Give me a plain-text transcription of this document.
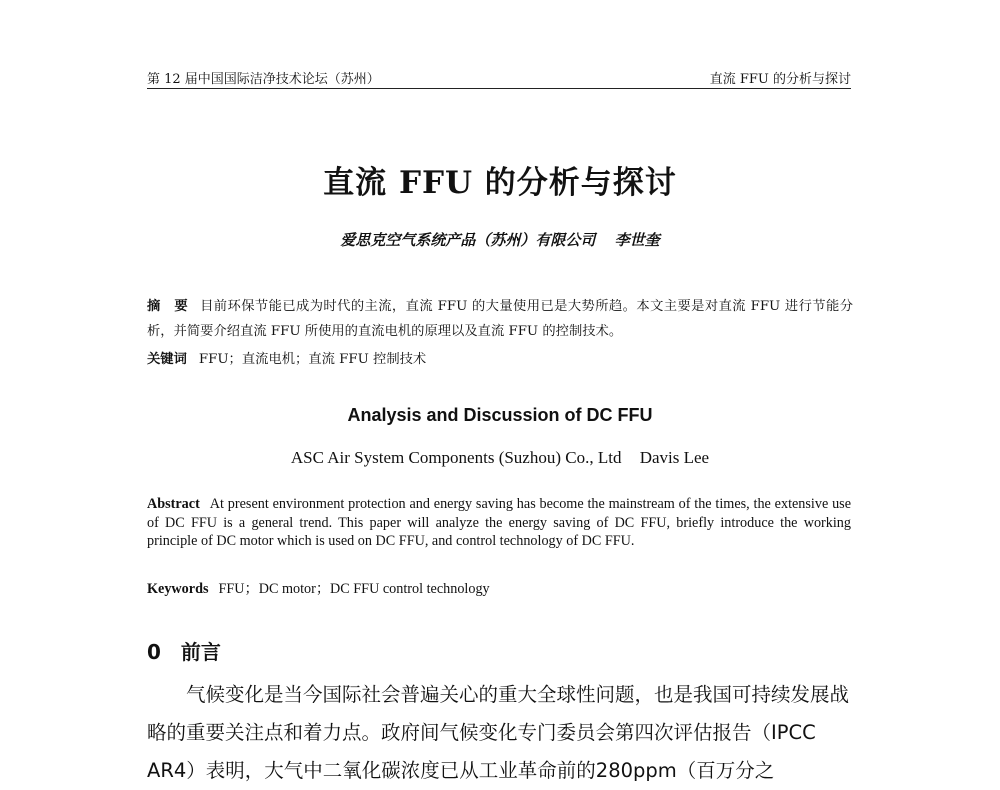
第 12 届中国国际洁净技术论坛（苏州）	直流 FFU 的分析与探讨
直流 FFU 的分析与探讨
爱思克空气系统产品（苏州）有限公司 李世奎
摘　要 目前环保节能已成为时代的主流，直流 FFU 的大量使用已是大势所趋。本文主要是对直流 FFU 进行节能分析，并简要介绍直流 FFU 所使用的直流电机的原理以及直流 FFU 的控制技术。
关键词 FFU；直流电机；直流 FFU 控制技术
Analysis and Discussion of DC FFU
ASC Air System Components (Suzhou) Co., Ltd Davis Lee
Abstract At present environment protection and energy saving has become the mainstream of the times, the extensive use of DC FFU is a general trend. This paper will analyze the energy saving of DC FFU, briefly introduce the working principle of DC motor which is used on DC FFU, and control technology of DC FFU.
Keywords FFU；DC motor；DC FFU control technology
0 前言
气候变化是当今国际社会普遍关心的重大全球性问题，也是我国可持续发展战略的重要关注点和着力点。政府间气候变化专门委员会第四次评估报告（IPCC AR4）表明，大气中二氧化碳浓度已从工业革命前的280ppm（百万分之
